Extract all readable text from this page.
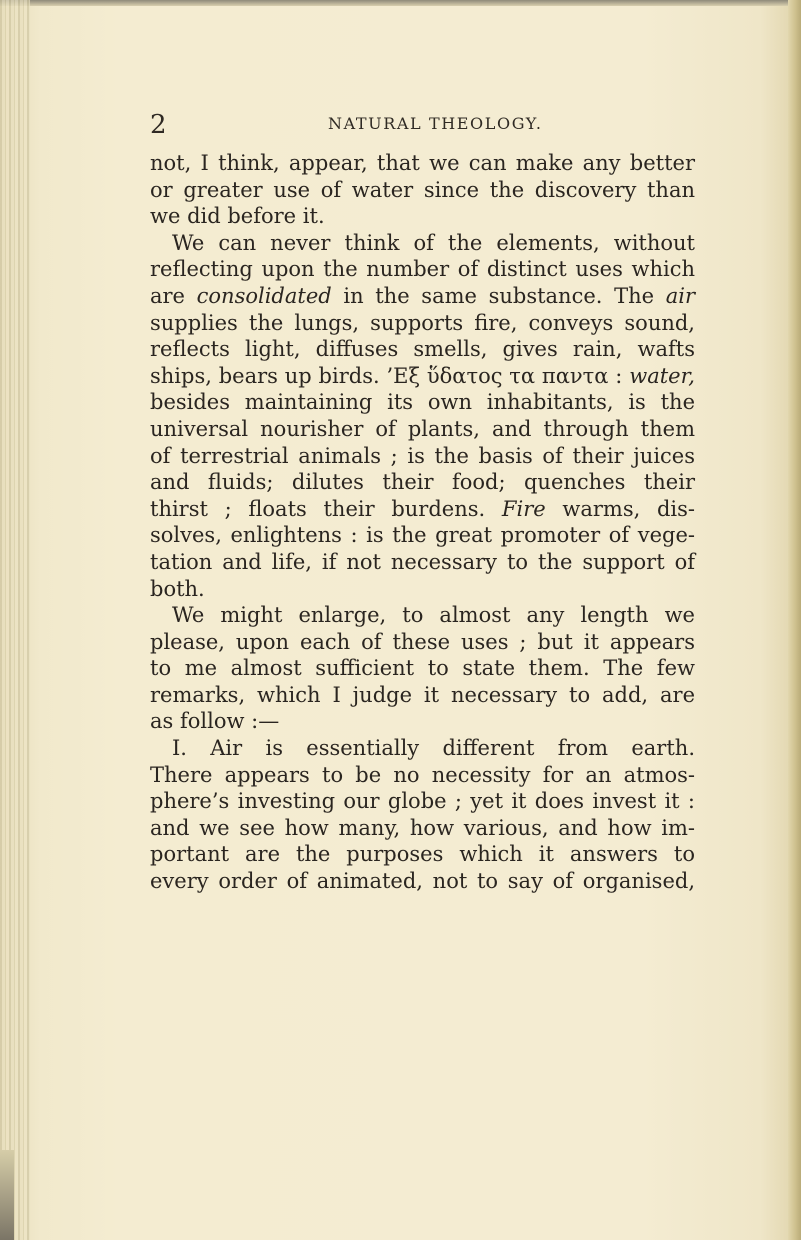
2	NATURAL THEOLOGY.
not, I think, appear, that we can make any better
or greater use of water since the discovery than
we did before it.
We can never think of the elements, without
reflecting upon the number of distinct uses which
are consolidated in the same substance. The air
supplies the lungs, supports fire, conveys sound,
reflects light, diffuses smells, gives rain, wafts
ships, bears up birds. ’Eξ ὕδατος τα παντα : water,
besides maintaining its own inhabitants, is the
universal nourisher of plants, and through them
of terrestrial animals ; is the basis of their juices
and fluids; dilutes their food; quenches their
thirst ; floats their burdens. Fire warms, dis-
solves, enlightens : is the great promoter of vege-
tation and life, if not necessary to the support of
both.
We might enlarge, to almost any length we
please, upon each of these uses ; but it appears
to me almost sufficient to state them. The few
remarks, which I judge it necessary to add, are
as follow :—
I. Air is essentially different from earth.
There appears to be no necessity for an atmos-
phere’s investing our globe ; yet it does invest it :
and we see how many, how various, and how im-
portant are the purposes which it answers to
every order of animated, not to say of organised,
